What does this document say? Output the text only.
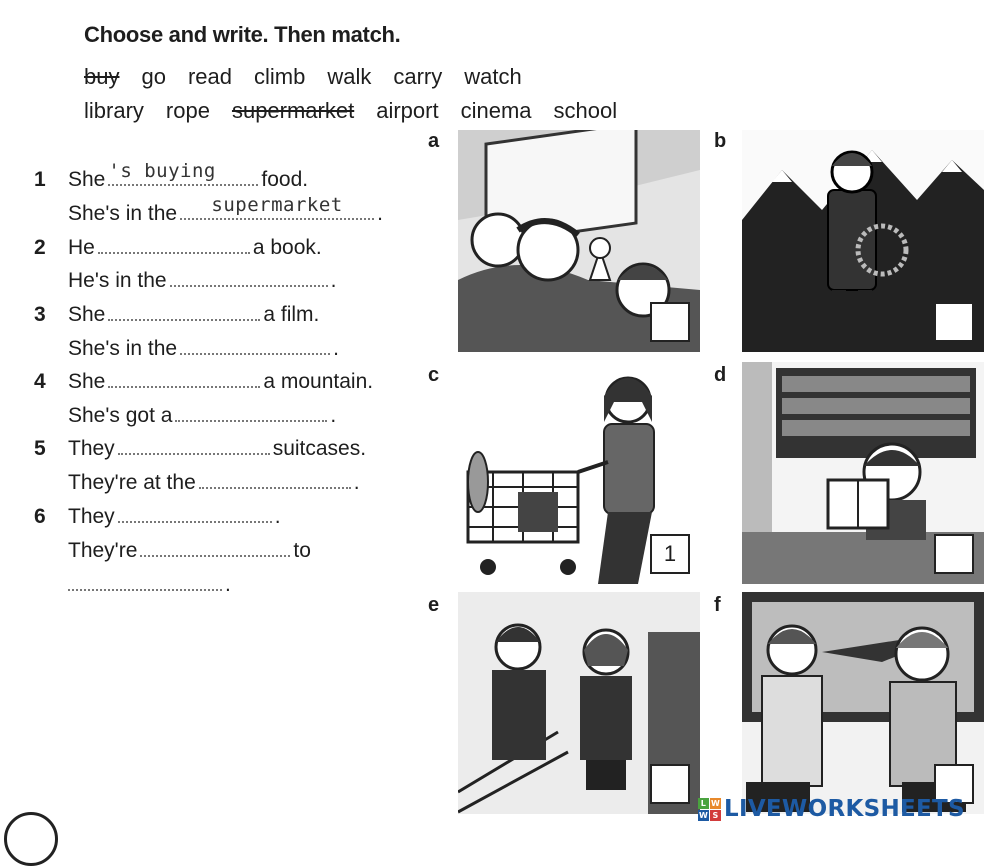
Choose and write. Then match.
buy go read climb walk carry watch
library rope supermarket airport cinema school
1 She 's buying	food.
She's in the	supermarket	.
2 He	a book.
He's in the	.
3 She	a film.
She's in the	.
4 She	a mountain.
She's got a	.
5 They	suitcases.
They're at the	.
6 They	.
They're	to
.
a	b
c
1
d
e	f
L W
W S LIVEWORKSHEETS
